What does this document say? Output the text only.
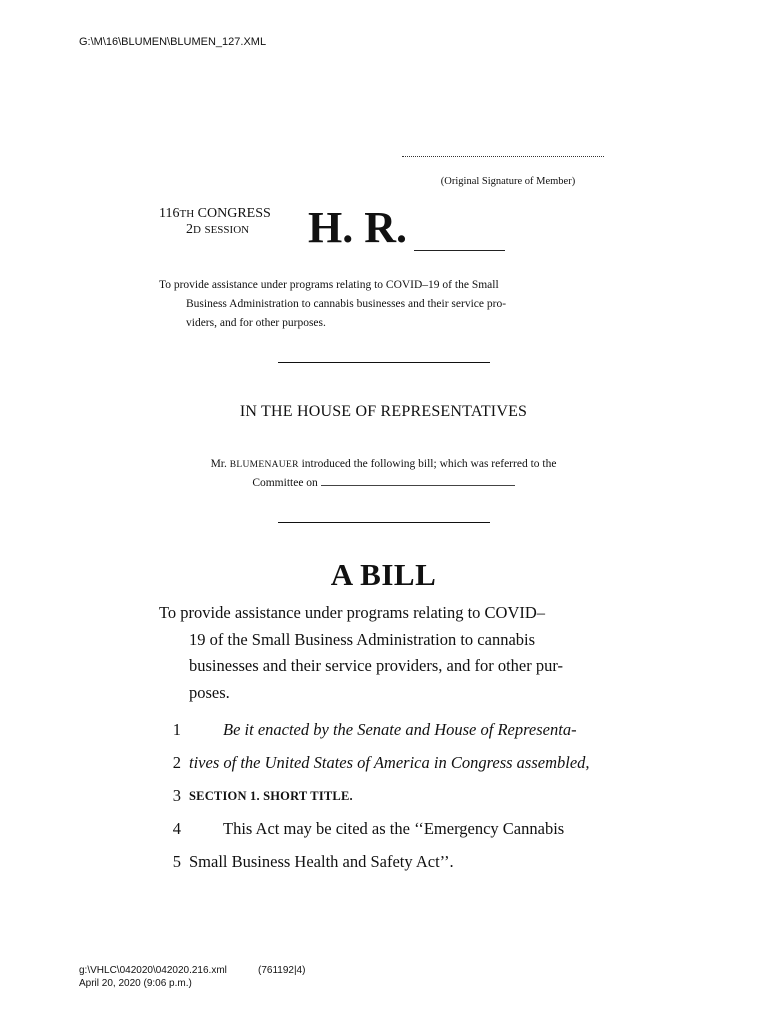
G:\M\16\BLUMEN\BLUMEN_127.XML
(Original Signature of Member)
116TH CONGRESS
2D SESSION H. R.
To provide assistance under programs relating to COVID–19 of the Small
Business Administration to cannabis businesses and their service pro-
viders, and for other purposes.
IN THE HOUSE OF REPRESENTATIVES
Mr. BLUMENAUER introduced the following bill; which was referred to the
Committee on
A BILL
To provide assistance under programs relating to COVID–
19 of the Small Business Administration to cannabis
businesses and their service providers, and for other pur-
poses.
1	Be it enacted by the Senate and House of Representa-
2 tives of the United States of America in Congress assembled,
3 SECTION 1. SHORT TITLE.
4	This Act may be cited as the ‘‘Emergency Cannabis
5 Small Business Health and Safety Act’’.
g:\VHLC\042020\042020.216.xml	(761192|4)
April 20, 2020 (9:06 p.m.)
